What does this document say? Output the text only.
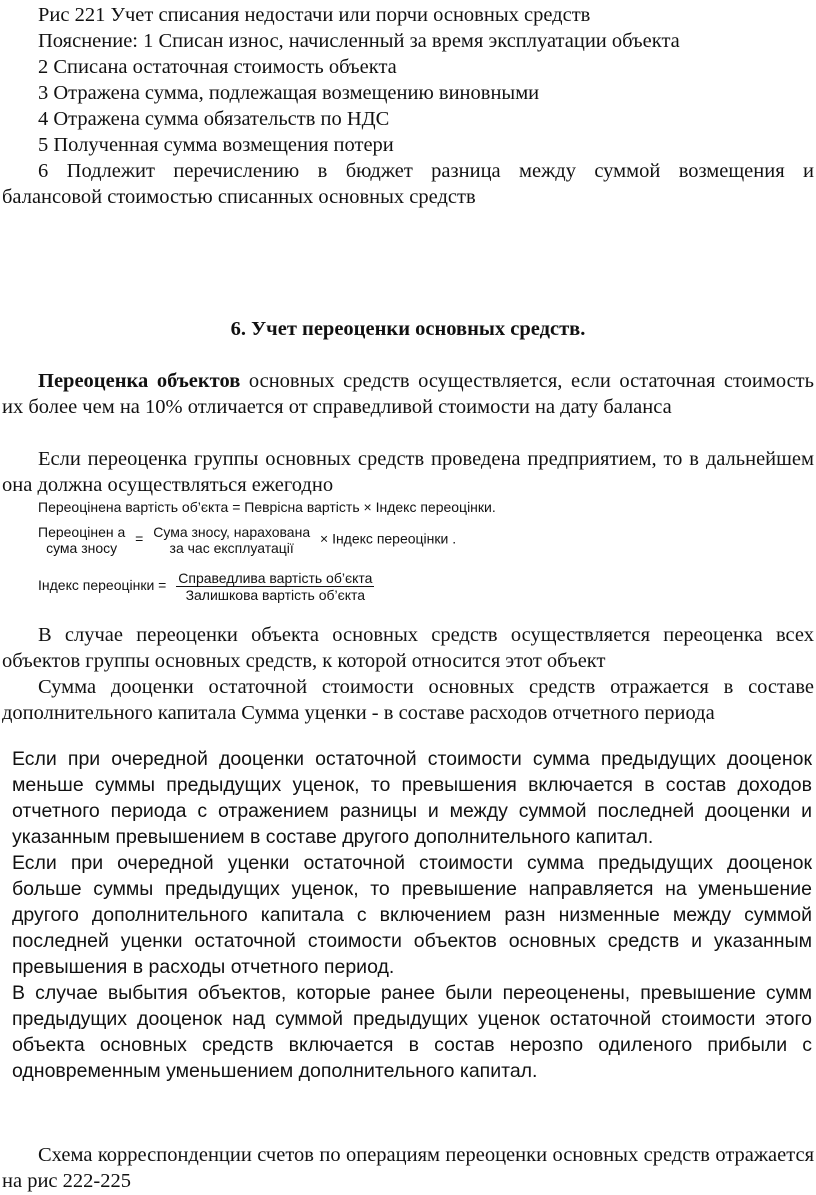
Рис 221 Учет списания недостачи или порчи основных средств
Пояснение: 1 Списан износ, начисленный за время эксплуатации объекта
2 Списана остаточная стоимость объекта
3 Отражена сумма, подлежащая возмещению виновными
4 Отражена сумма обязательств по НДС
5 Полученная сумма возмещения потери
6 Подлежит перечислению в бюджет разница между суммой возмещения и
балансовой стоимостью списанных основных средств
6. Учет переоценки основных средств.
Переоценка объектов основных средств осуществляется, если остаточная стоимость их более чем на 10% отличается от справедливой стоимости на дату баланса
Если переоценка группы основных средств проведена предприятием, то в дальнейшем она должна осуществляться ежегодно
Переоцінена вартість об’єкта = Певрісна вартість × Індекс переоцінки.
Переоцінен а
сума зносу
= Сума зносу, нарахована
за час експлуатації
× Індекс переоцінки .
Індекс переоцінки = $\frac{\text{Справедлива вартість об’єкта}}{\text{Залишкова вартість об’єкта}}$
В случае переоценки объекта основных средств осуществляется переоценка всех объектов группы основных средств, к которой относится этот объект
Сумма дооценки остаточной стоимости основных средств отражается в составе дополнительного капитала Сумма уценки - в составе расходов отчетного периода

Если при очередной дооценки остаточной стоимости сумма предыдущих дооценок меньше суммы предыдущих уценок, то превышения включается в состав доходов отчетного периода с отражением разницы и между суммой последней дооценки и указанным превышением в составе другого дополнительного капитал.

Если при очередной уценки остаточной стоимости сумма предыдущих дооценок больше суммы предыдущих уценок, то превышение направляется на уменьшение другого дополнительного капитала с включением разн низменные между суммой последней уценки остаточной стоимости объектов основных средств и указанным превышения в расходы отчетного период.

В случае выбытия объектов, которые ранее были переоценены, превышение сумм предыдущих дооценок над суммой предыдущих уценок остаточной стоимости этого объекта основных средств включается в состав нерозпо одиленого прибыли с одновременным уменьшением дополнительного капитал.

Схема корреспонденции счетов по операциям переоценки основных средств отражается на рис 222-225
